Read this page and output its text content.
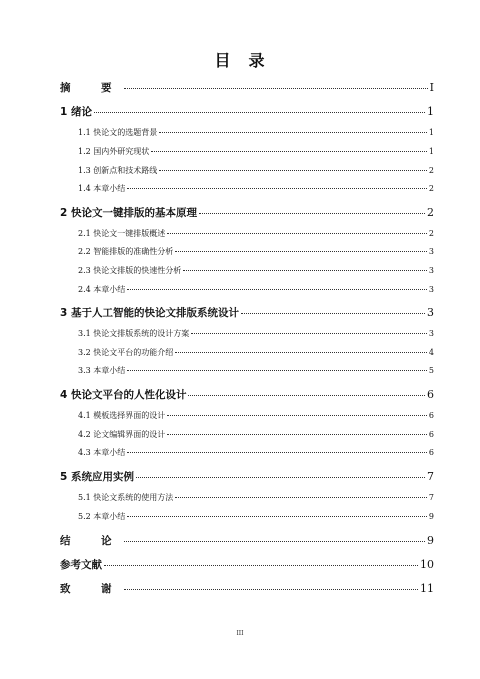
目　录
摘　要	I
1 绪论	1
1.1 快论文的选题背景	1
1.2 国内外研究现状	1
1.3 创新点和技术路线	2
1.4 本章小结	2
2 快论文一键排版的基本原理	2
2.1 快论文一键排版概述	2
2.2 智能排版的准确性分析	3
2.3 快论文排版的快速性分析	3
2.4 本章小结	3
3 基于人工智能的快论文排版系统设计	3
3.1 快论文排版系统的设计方案	3
3.2 快论文平台的功能介绍	4
3.3 本章小结	5
4 快论文平台的人性化设计	6
4.1 模板选择界面的设计	6
4.2 论文编辑界面的设计	6
4.3 本章小结	6
5 系统应用实例	7
5.1 快论文系统的使用方法	7
5.2 本章小结	9
结　论	9
参考文献	10
致　谢	11
III
